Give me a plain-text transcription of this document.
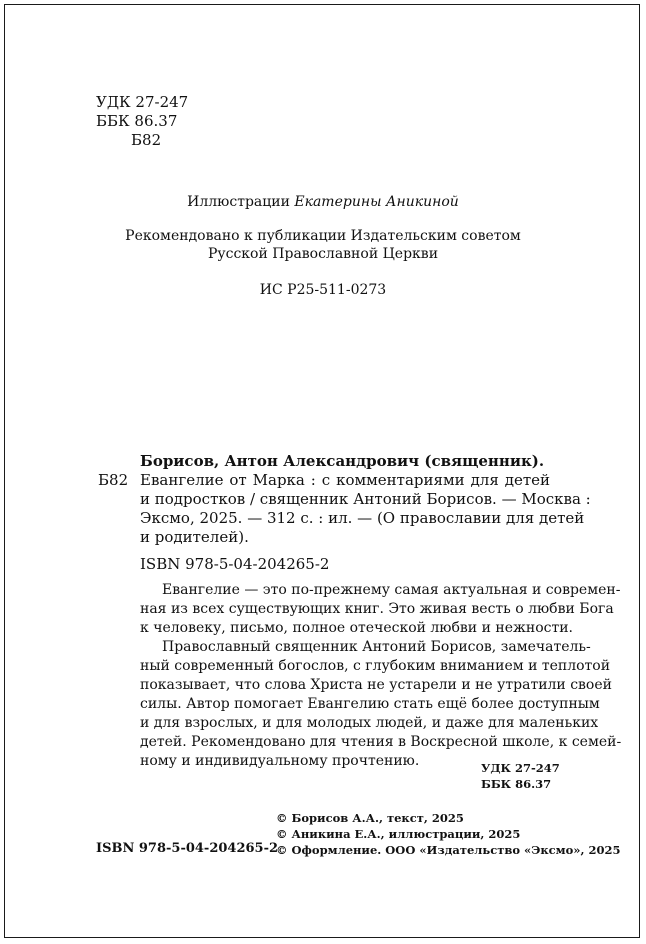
УДК 27-247
ББК 86.37
Б82
Иллюстрации Екатерины Аникиной
Рекомендовано к публикации Издательским советом
Русской Православной Церкви
ИС Р25-511-0273
Борисов, Антон Александрович (священник).
Б82 Евангелие от Марка : с комментариями для детей
и подростков / священник Антоний Борисов. — Москва :
Эксмо, 2025. — 312 с. : ил. — (О православии для детей
и родителей).
ISBN 978-5-04-204265-2
Евангелие — это по-прежнему самая актуальная и современ-
ная из всех существующих книг. Это живая весть о любви Бога
к человеку, письмо, полное отеческой любви и нежности.
Православный священник Антоний Борисов, замечатель-
ный современный богослов, с глубоким вниманием и теплотой
показывает, что слова Христа не устарели и не утратили своей
силы. Автор помогает Евангелию стать ещё более доступным
и для взрослых, и для молодых людей, и даже для маленьких
детей. Рекомендовано для чтения в Воскресной школе, к семей-
ному и индивидуальному прочтению.	УДК 27-247
ББК 86.37
© Борисов А.А., текст, 2025
© Аникина Е.А., иллюстрации, 2025
© Оформление. ООО «Издательство «Эксмо», 2025
ISBN 978-5-04-204265-2
